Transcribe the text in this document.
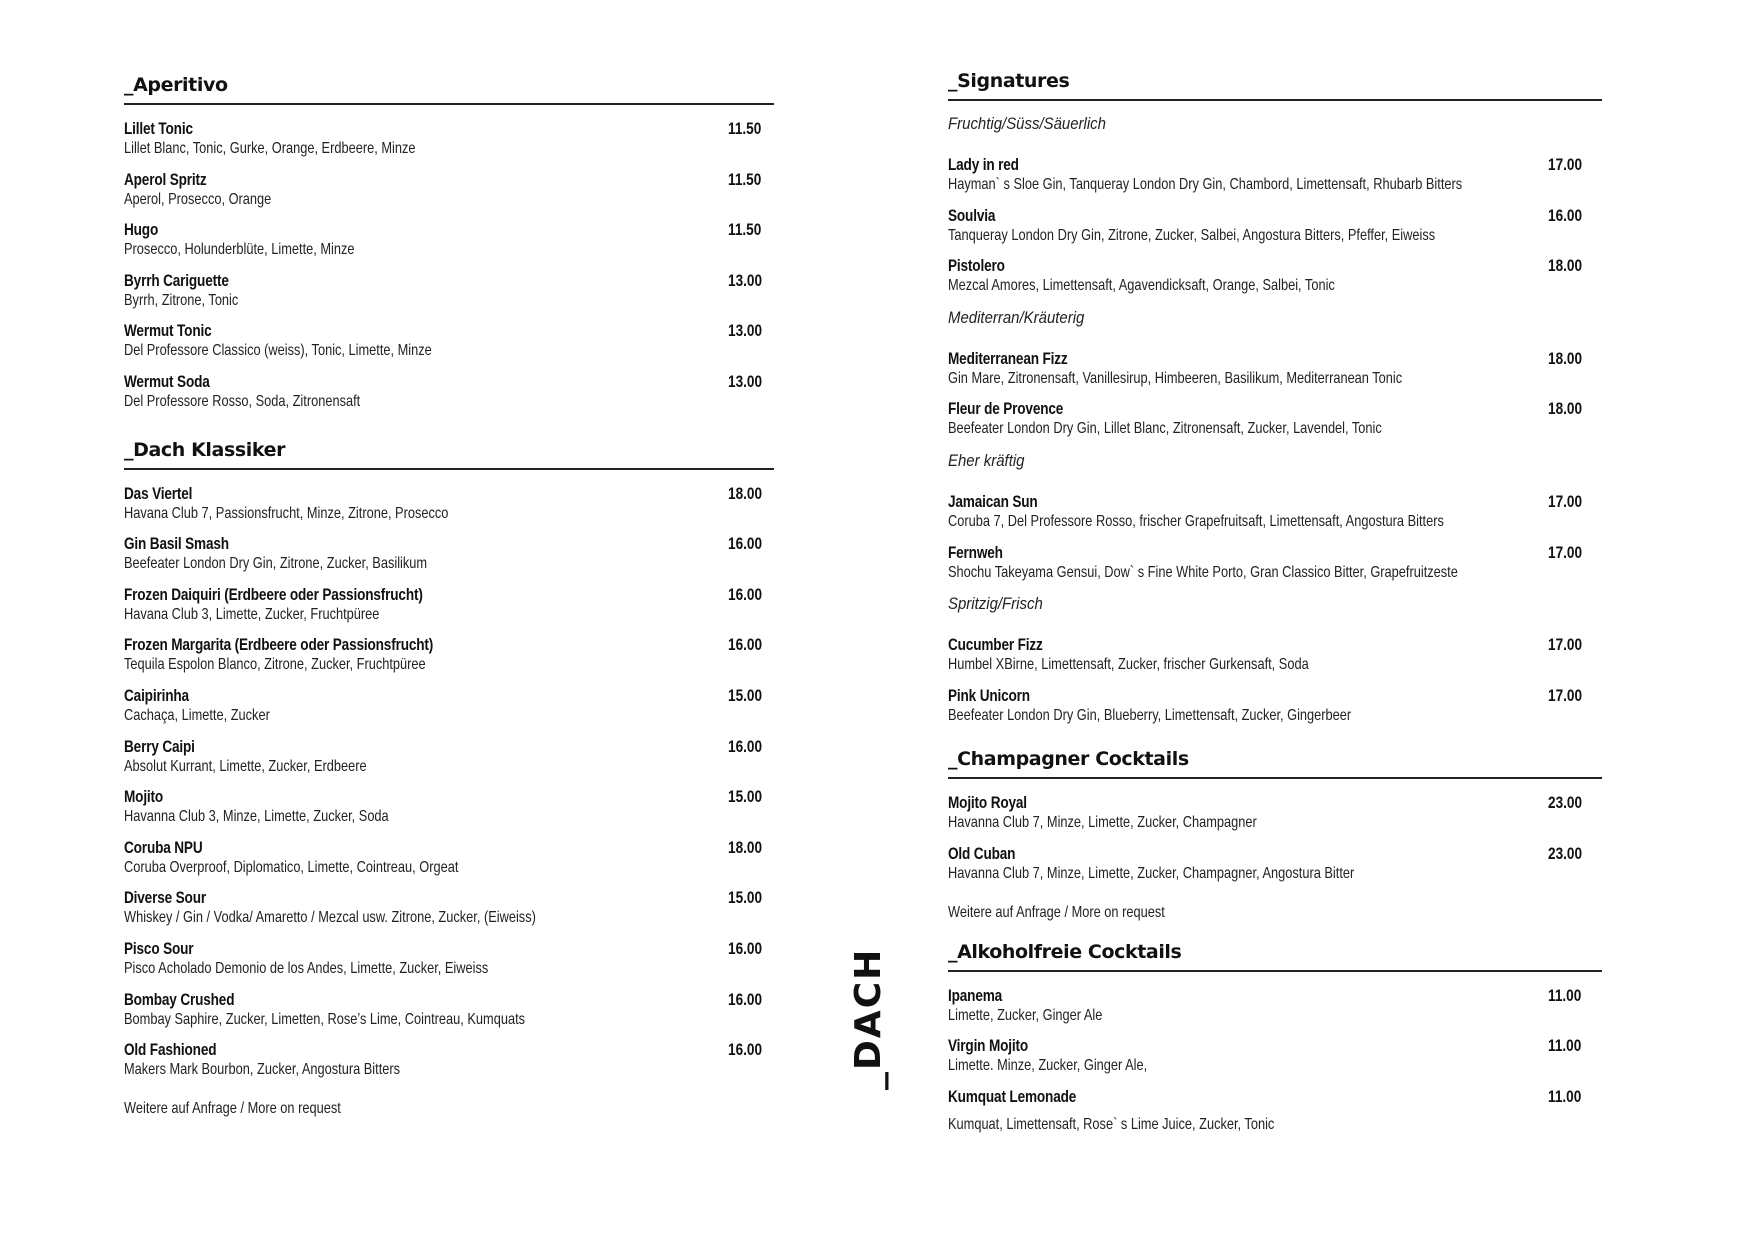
_Aperitivo
Lillet Tonic
Lillet Blanc, Tonic, Gurke, Orange, Erdbeere, Minze
11.50
Aperol Spritz
Aperol, Prosecco, Orange
11.50
Hugo
Prosecco, Holunderblüte, Limette, Minze
11.50
Byrrh Cariguette
Byrrh, Zitrone, Tonic
13.00
Wermut Tonic
Del Professore Classico (weiss), Tonic, Limette, Minze
13.00
Wermut Soda
Del Professore Rosso, Soda, Zitronensaft
13.00
_Dach Klassiker
Das Viertel
Havana Club 7, Passionsfrucht, Minze, Zitrone, Prosecco
18.00
Gin Basil Smash
Beefeater London Dry Gin, Zitrone, Zucker, Basilikum
16.00
Frozen Daiquiri (Erdbeere oder Passionsfrucht)
Havana Club 3, Limette, Zucker, Fruchtpüree
16.00
Frozen Margarita (Erdbeere oder Passionsfrucht)
Tequila Espolon Blanco, Zitrone, Zucker, Fruchtpüree
16.00
Caipirinha
Cachaça, Limette, Zucker
15.00
Berry Caipi
Absolut Kurrant, Limette, Zucker, Erdbeere
16.00
Mojito
Havanna Club 3, Minze, Limette, Zucker, Soda
15.00
Coruba NPU
Coruba Overproof, Diplomatico, Limette, Cointreau, Orgeat
18.00
Diverse Sour
Whiskey / Gin / Vodka/ Amaretto / Mezcal usw. Zitrone, Zucker, (Eiweiss)
15.00
Pisco Sour
Pisco Acholado Demonio de los Andes, Limette, Zucker, Eiweiss
16.00
Bombay Crushed
Bombay Saphire, Zucker, Limetten, Rose’s Lime, Cointreau, Kumquats
16.00
Old Fashioned
Makers Mark Bourbon, Zucker, Angostura Bitters
16.00
Weitere auf Anfrage / More on request
_DACH
_Signatures
Fruchtig/Süss/Säuerlich
Lady in red
Hayman` s Sloe Gin, Tanqueray London Dry Gin, Chambord, Limettensaft, Rhubarb Bitters
17.00
Soulvia
Tanqueray London Dry Gin, Zitrone, Zucker, Salbei, Angostura Bitters, Pfeffer, Eiweiss
16.00
Pistolero
Mezcal Amores, Limettensaft, Agavendicksaft, Orange, Salbei, Tonic
18.00
Mediterran/Kräuterig
Mediterranean Fizz
Gin Mare, Zitronensaft, Vanillesirup, Himbeeren, Basilikum, Mediterranean Tonic
18.00
Fleur de Provence
Beefeater London Dry Gin, Lillet Blanc, Zitronensaft, Zucker, Lavendel, Tonic
18.00
Eher kräftig
Jamaican Sun
Coruba 7, Del Professore Rosso, frischer Grapefruitsaft, Limettensaft, Angostura Bitters
17.00
Fernweh
Shochu Takeyama Gensui, Dow` s Fine White Porto, Gran Classico Bitter, Grapefruitzeste
17.00
Spritzig/Frisch
Cucumber Fizz
Humbel XBirne, Limettensaft, Zucker, frischer Gurkensaft, Soda
17.00
Pink Unicorn
Beefeater London Dry Gin, Blueberry, Limettensaft, Zucker, Gingerbeer
17.00
_Champagner Cocktails
Mojito Royal
Havanna Club 7, Minze, Limette, Zucker, Champagner
23.00
Old Cuban
Havanna Club 7, Minze, Limette, Zucker, Champagner, Angostura Bitter
23.00
Weitere auf Anfrage / More on request
_Alkoholfreie Cocktails
Ipanema
Limette, Zucker, Ginger Ale
11.00
Virgin Mojito
Limette. Minze, Zucker, Ginger Ale,
11.00
Kumquat Lemonade
Kumquat, Limettensaft, Rose` s Lime Juice, Zucker, Tonic
11.00
